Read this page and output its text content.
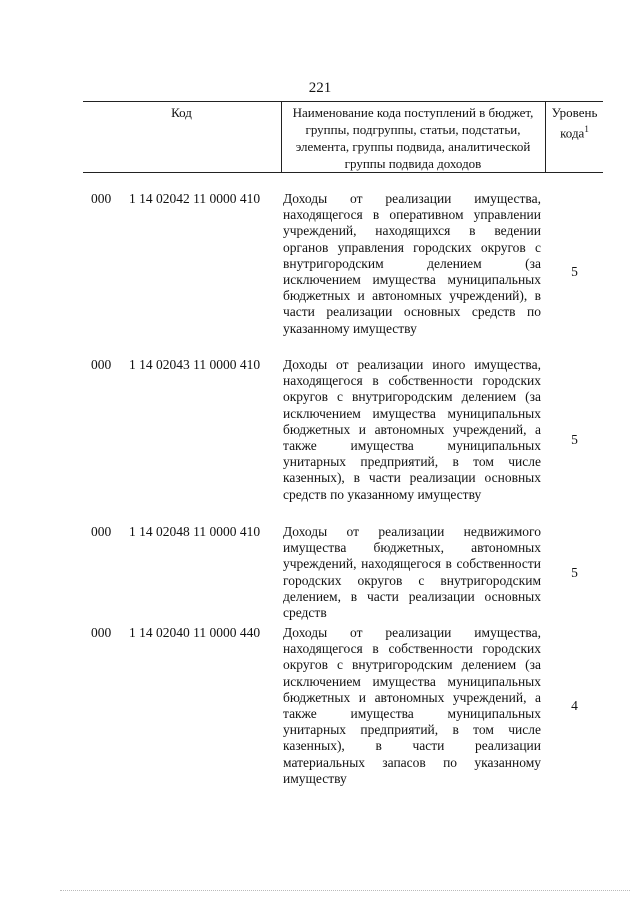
221
Код	Наименование кода поступлений в бюджет, группы, подгруппы, статьи, подстатьи, элемента, группы подвида, аналитической группы подвида доходов
Уровень кода$^1$
000 1 14 02042 11 0000 410 Доходы от реализации имущества, находящегося в оперативном управлении учреждений, находящихся в ведении органов управления городских округов с внутригородским делением (за исключением имущества муниципальных бюджетных и автономных учреждений), в части реализации основных средств по указанному имуществу
5
000 1 14 02043 11 0000 410 Доходы от реализации иного имущества, находящегося в собственности городских округов с внутригородским делением (за исключением имущества муниципальных бюджетных и автономных учреждений, а также имущества муниципальных унитарных предприятий, в том числе казенных), в части реализации основных средств по указанному имуществу
5
000 1 14 02048 11 0000 410 Доходы от реализации недвижимого имущества бюджетных, автономных учреждений, находящегося в собственности городских округов с внутригородским делением, в части реализации основных средств
5
000 1 14 02040 11 0000 440 Доходы от реализации имущества, находящегося в собственности городских округов с внутригородским делением (за исключением имущества муниципальных бюджетных и автономных учреждений, а также имущества муниципальных унитарных предприятий, в том числе казенных), в части реализации материальных запасов по указанному имуществу
4
